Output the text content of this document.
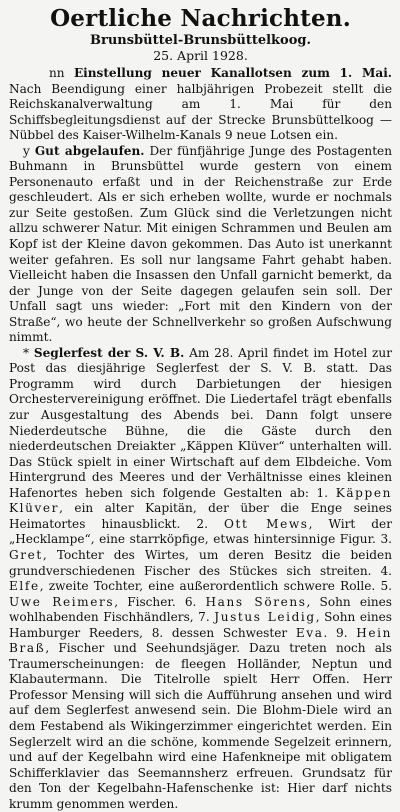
Oertliche Nachrichten.
Brunsbüttel-Brunsbüttelkoog.
25. April 1928.

nn Einstellung neuer Kanallotsen zum 1. Mai. Nach Beendigung einer halbjährigen Probezeit stellt die Reichskanalverwaltung am 1. Mai für den Schiffsbegleitungsdienst auf der Strecke Brunsbüttelkoog — Nübbel des Kaiser-Wilhelm-Kanals 9 neue Lotsen ein.

y Gut abgelaufen. Der fünfjährige Junge des Postagenten Buhmann in Brunsbüttel wurde gestern von einem Personenauto erfaßt und in der Reichenstraße zur Erde geschleudert. Als er sich erheben wollte, wurde er nochmals zur Seite gestoßen. Zum Glück sind die Verletzungen nicht allzu schwerer Natur. Mit einigen Schrammen und Beulen am Kopf ist der Kleine davon gekommen. Das Auto ist unerkannt weiter gefahren. Es soll nur langsame Fahrt gehabt haben. Vielleicht haben die Insassen den Unfall garnicht bemerkt, da der Junge von der Seite dagegen gelaufen sein soll. Der Unfall sagt uns wieder: „Fort mit den Kindern von der Straße“, wo heute der Schnellverkehr so großen Aufschwung nimmt.

* Seglerfest der S. V. B. Am 28. April findet im Hotel zur Post das diesjährige Seglerfest der S. V. B. statt. Das Programm wird durch Darbietungen der hiesigen Orchestervereinigung eröffnet. Die Liedertafel trägt ebenfalls zur Ausgestaltung des Abends bei. Dann folgt unsere Niederdeutsche Bühne, die die Gäste durch den niederdeutschen Dreiakter „Käppen Klüver“ unterhalten will. Das Stück spielt in einer Wirtschaft auf dem Elbdeiche. Vom Hintergrund des Meeres und der Verhältnisse eines kleinen Hafenortes heben sich folgende Gestalten ab: 1. Käppen Klüver, ein alter Kapitän, der über die Enge seines Heimatortes hinausblickt. 2. Ott Mews, Wirt der „Hecklampe“, eine starrköpfige, etwas hintersinnige Figur. 3. Gret, Tochter des Wirtes, um deren Besitz die beiden grundverschiedenen Fischer des Stückes sich streiten. 4. Elfe, zweite Tochter, eine außerordentlich schwere Rolle. 5. Uwe Reimers, Fischer. 6. Hans Sörens, Sohn eines wohlhabenden Fischhändlers, 7. Justus Leidig, Sohn eines Hamburger Reeders, 8. dessen Schwester Eva. 9. Hein Braß, Fischer und Seehundsjäger. Dazu treten noch als Traumerscheinungen: de fleegen Holländer, Neptun und Klabautermann. Die Titelrolle spielt Herr Offen. Herr Professor Mensing will sich die Aufführung ansehen und wird auf dem Seglerfest anwesend sein. Die Blohm-Diele wird an dem Festabend als Wikingerzimmer eingerichtet werden. Ein Seglerzelt wird an die schöne, kommende Segelzeit erinnern, und auf der Kegelbahn wird eine Hafenkneipe mit obligatem Schifferklavier das Seemannsherz erfreuen. Grundsatz für den Ton der Kegelbahn-Hafenschenke ist: Hier darf nichts krumm genommen werden.
